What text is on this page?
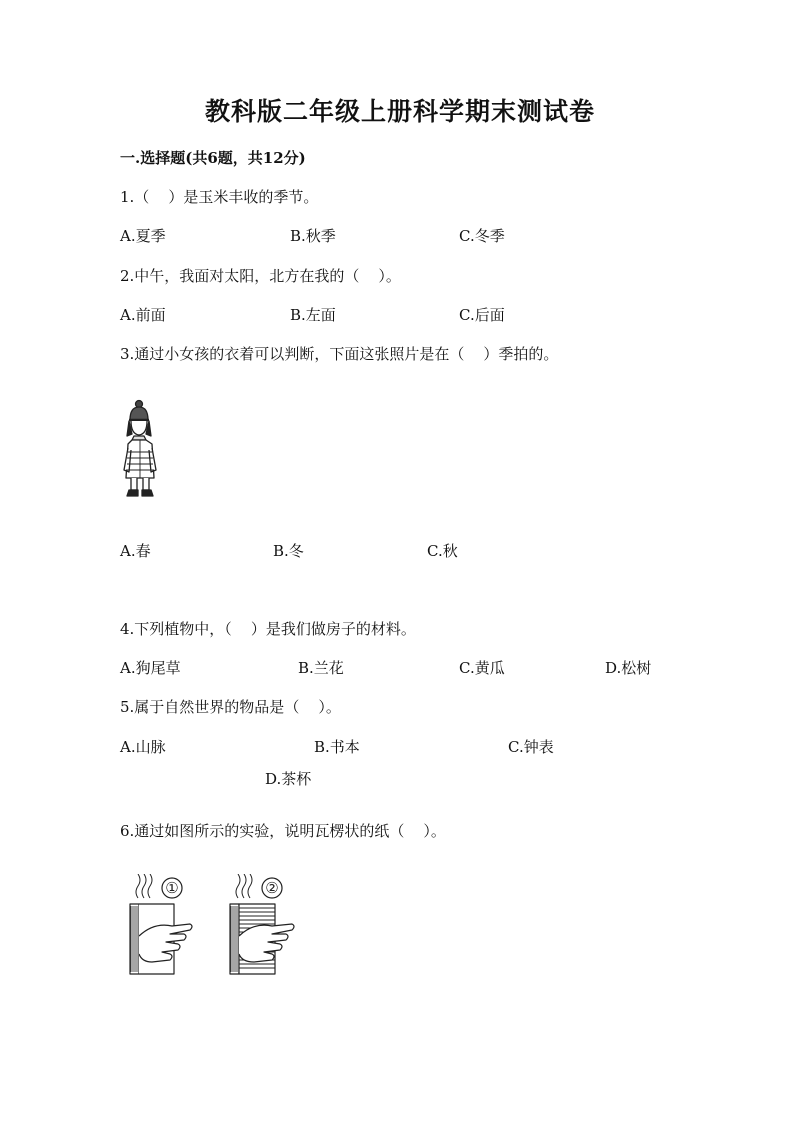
教科版二年级上册科学期末测试卷
一.选择题(共6题，共12分)
1.（    ）是玉米丰收的季节。
A.夏季	B.秋季	C.冬季
2.中午，我面对太阳，北方在我的（    ）。
A.前面	B.左面	C.后面
3.通过小女孩的衣着可以判断，下面这张照片是在（    ）季拍的。
A.春	B.冬	C.秋
4.下列植物中，（    ）是我们做房子的材料。
A.狗尾草	B.兰花	C.黄瓜	D.松树
5.属于自然世界的物品是（    ）。
A.山脉	B.书本	C.钟表
D.茶杯
6.通过如图所示的实验，说明瓦楞状的纸（    ）。
①	②
